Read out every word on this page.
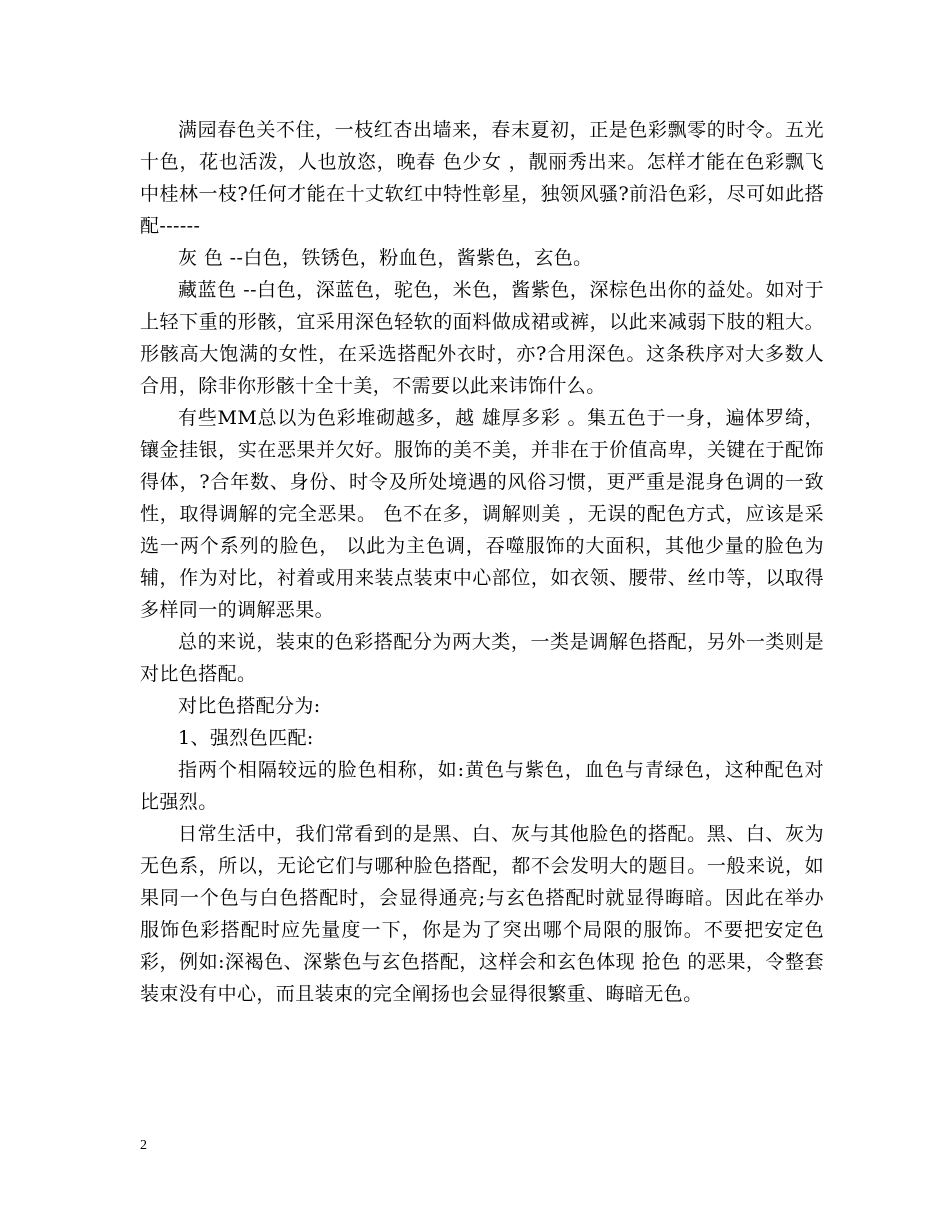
满园春色关不住，一枝红杏出墙来，春末夏初，正是色彩飘零的时令。五光十色，花也活泼，人也放恣，晚春 色少女 ，靓丽秀出来。怎样才能在色彩飘飞中桂林一枝?任何才能在十丈软红中特性彰星，独领风骚?前沿色彩，尽可如此搭配------

灰 色 --白色，铁锈色，粉血色，酱紫色，玄色。

藏蓝色 --白色，深蓝色，驼色，米色，酱紫色，深棕色出你的益处。如对于上轻下重的形骸，宜采用深色轻软的面料做成裙或裤，以此来减弱下肢的粗大。形骸高大饱满的女性，在采选搭配外衣时，亦?合用深色。这条秩序对大多数人合用，除非你形骸十全十美，不需要以此来讳饰什么。

有些MM总以为色彩堆砌越多，越 雄厚多彩 。集五色于一身，遍体罗绮，镶金挂银，实在恶果并欠好。服饰的美不美，并非在于价值高卑，关键在于配饰得体，?合年数、身份、时令及所处境遇的风俗习惯，更严重是混身色调的一致性，取得调解的完全恶果。 色不在多，调解则美 ，无误的配色方式，应该是采选一两个系列的脸色， 以此为主色调，吞噬服饰的大面积，其他少量的脸色为辅，作为对比，衬着或用来装点装束中心部位，如衣领、腰带、丝巾等，以取得多样同一的调解恶果。

总的来说，装束的色彩搭配分为两大类，一类是调解色搭配，另外一类则是对比色搭配。

对比色搭配分为:

1、强烈色匹配:

指两个相隔较远的脸色相称，如:黄色与紫色，血色与青绿色，这种配色对比强烈。

日常生活中，我们常看到的是黑、白、灰与其他脸色的搭配。黑、白、灰为无色系，所以，无论它们与哪种脸色搭配，都不会发明大的题目。一般来说，如果同一个色与白色搭配时，会显得通亮;与玄色搭配时就显得晦暗。因此在举办服饰色彩搭配时应先量度一下，你是为了突出哪个局限的服饰。不要把安定色彩，例如:深褐色、深紫色与玄色搭配，这样会和玄色体现 抢色 的恶果，令整套装束没有中心，而且装束的完全阐扬也会显得很繁重、晦暗无色。

2
